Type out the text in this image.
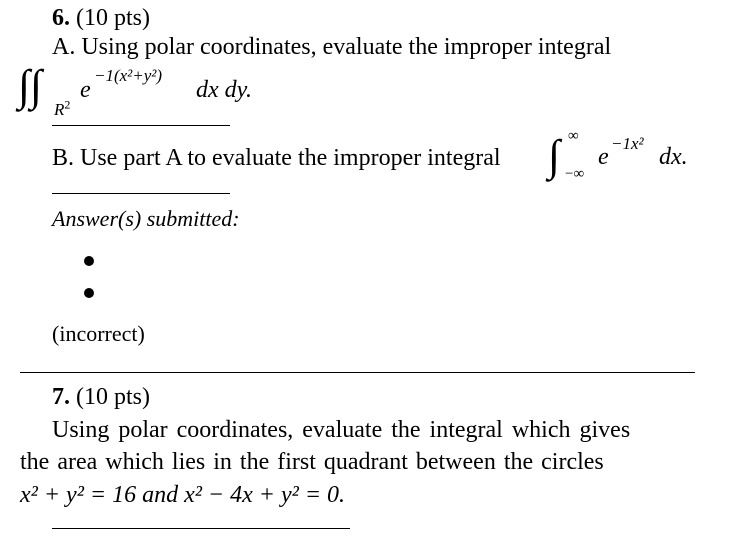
6. (10 pts)
A. Using polar coordinates, evaluate the improper integral
∫∫ $R^2$
e
−1(x²+y²)
dx dy.
B. Use part A to evaluate the improper integral ∫ ∞
−∞
e
−1x²
dx.
Answer(s) submitted:
(incorrect)
7. (10 pts)
Using polar coordinates, evaluate the integral which gives
the area which lies in the first quadrant between the circles
x² + y² = 16 and x² − 4x + y² = 0.
